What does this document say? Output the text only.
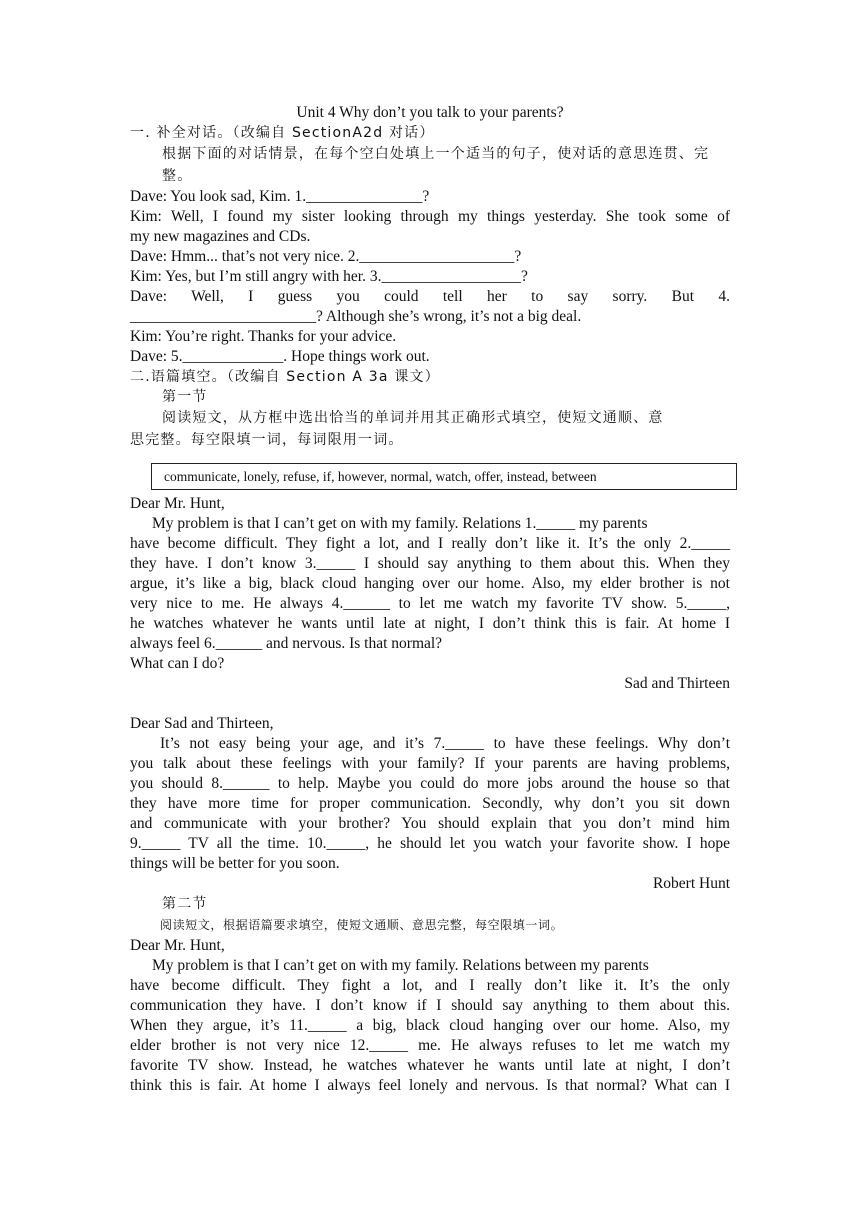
Unit 4 Why don’t you talk to your parents?
一. 补全对话。（改编自 SectionA2d 对话）
根据下面的对话情景，在每个空白处填上一个适当的句子，使对话的意思连贯、完整。
Dave: You look sad, Kim. 1._______________?
Kim: Well, I found my sister looking through my things yesterday. She took some of
my new magazines and CDs.
Dave: Hmm... that’s not very nice. 2.____________________?
Kim: Yes, but I’m still angry with her. 3.__________________?
Dave: Well, I guess you could tell her to say sorry. But 4.
________________________? Although she’s wrong, it’s not a big deal.
Kim: You’re right. Thanks for your advice.
Dave: 5._____________. Hope things work out.
二.语篇填空。（改编自 Section A 3a 课文）
第一节
阅读短文，从方框中选出恰当的单词并用其正确形式填空，使短文通顺、意
思完整。每空限填一词，每词限用一词。
communicate, lonely, refuse, if, however, normal, watch, offer, instead, between
Dear Mr. Hunt,
My problem is that I can’t get on with my family. Relations 1._____ my parents
have become difficult. They fight a lot, and I really don’t like it. It’s the only 2._____
they have. I don’t know 3._____ I should say anything to them about this. When they
argue, it’s like a big, black cloud hanging over our home. Also, my elder brother is not
very nice to me. He always 4.______ to let me watch my favorite TV show. 5._____,
he watches whatever he wants until late at night, I don’t think this is fair. At home I
always feel 6.______ and nervous. Is that normal?
What can I do?
Sad and Thirteen
Dear Sad and Thirteen,
It’s not easy being your age, and it’s 7._____ to have these feelings. Why don’t
you talk about these feelings with your family? If your parents are having problems,
you should 8.______ to help. Maybe you could do more jobs around the house so that
they have more time for proper communication. Secondly, why don’t you sit down
and communicate with your brother? You should explain that you don’t mind him
9._____ TV all the time. 10._____, he should let you watch your favorite show. I hope
things will be better for you soon.
Robert Hunt
第二节
阅读短文，根据语篇要求填空，使短文通顺、意思完整，每空限填一词。
Dear Mr. Hunt,
My problem is that I can’t get on with my family. Relations between my parents
have become difficult. They fight a lot, and I really don’t like it. It’s the only
communication they have. I don’t know if I should say anything to them about this.
When they argue, it’s 11._____ a big, black cloud hanging over our home. Also, my
elder brother is not very nice 12._____ me. He always refuses to let me watch my
favorite TV show. Instead, he watches whatever he wants until late at night, I don’t
think this is fair. At home I always feel lonely and nervous. Is that normal? What can I
